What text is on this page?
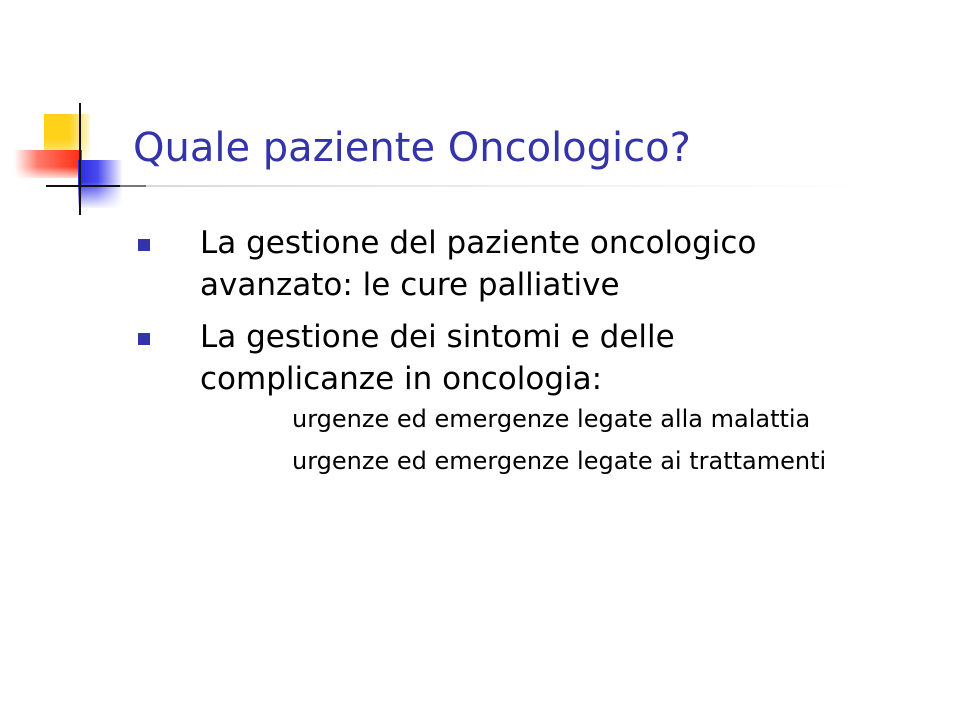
Quale paziente Oncologico?
La gestione del paziente oncologico avanzato: le cure palliative
La gestione dei sintomi e delle complicanze in oncologia:
urgenze ed emergenze legate alla malattia
urgenze ed emergenze legate ai trattamenti
